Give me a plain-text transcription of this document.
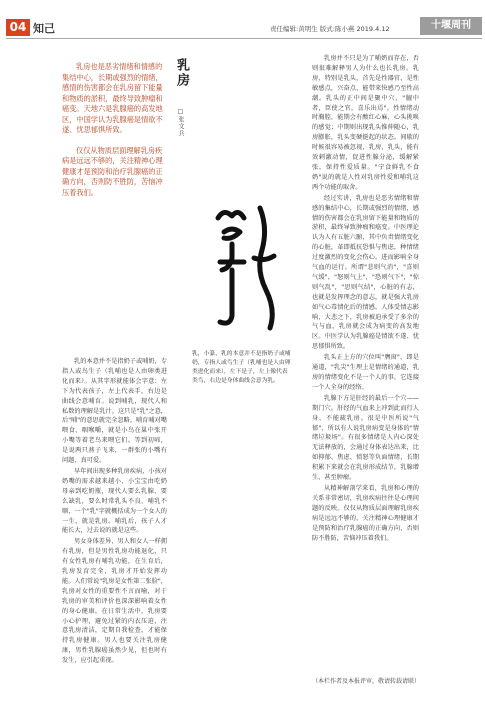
04 知己	责任编辑:黄明生 版式:陈小燕 2019.4.12	十堰周刊

乳房也是恶劣情绪和情感的集结中心，长期或强烈的情绪，感情的伤害都会在乳房留下能量和物质的淤积，最终导致肿瘤和癌变。天地六是乳腺癌的高发地区，中国学认为乳腺癌是情欲不遂、忧思郁惧所致。

仅仅从物质层面理解乳房疾病是远远不够的，关注精神心理健康才是预防和治疗乳腺癌的正确方向，否则防不胜防，苦恼冲压着我们。

乳房
□张文兵
乳，小篆，乳的本意并不是指奶子或哺奶，专指人或鸟生子（乳哺也是人由卵类进化而来），左下是子，左上像代表类鸟，右边是身体曲线会意为乳。

乳的本意并不是指奶子或哺奶，专指人或鸟生子（乳哺也是人由卵类进化而来）。从其字形就能体会字意：左下为代表孩子，左上代表手，右边是曲线会意哺育。说到哺乳，现代人和私数的理解是乳汁。这只是"乳"之意，后"哺"的意思就完全忽略。哺育哺对嘴喂食，咽喉嚼，就是小鸟在巢中张开小嘴等着老鸟来喂它们。等到初啼，是说两只燕子飞来，一群张的小嘴有问题，真可爱。

早年间出现多种乳房疾病，小孩对奶嘴的需求越来越小，小宝宝由吃奶母亲到吃奶瓶，现代人要么乳腺，要么缺乳，要么时常乳头不良、哺乳不顺，一个"乳"字就概括成为一个女人的一生，就是乳房。哺乳后，孩子人才能长大，过去说的就是这些。

男女身体差异，男人和女人一样拥有乳房，但是男性乳房功能退化，只有女性乳房有哺乳功能，在生育后，乳房发育完全，乳房才开始发挥功能。人们常说"乳房是女性第二张脸"，乳房对女性的重要性不言而喻，对于乳房的审美和评价也深深影响着女性的身心健康。在日常生活中，乳房要小心护理，避免过紧的内衣压迫，注意乳房清洁，定期自我检查，才能保持乳房健康。男人也要关注乳房健康，男性乳腺癌虽然少见，但也时有发生，应引起重视。

乳房并不只是为了哺奶而存在，否则很难解释男人为什么也长乳房。乳房，特别是乳头，首先是性器官，是性敏感点，兴奋点，能带来快感乃至性高潮。乳头的正中间是聚中穴，"膻中者，臣使之官，喜乐出焉"。性情绪动时胸腔，能期会有酸红心麻，心头挑唤的感觉；中期则出现乳头惟伸随心，乳房膨胀，乳头变硬挺起的状态。间歇的时候很容易被忽视，乳房、乳头，能有效刺激动情，促进性腺分泌，缓解紧张，保持性爱质量。"宁食鲜乳不食奶"说的就是人性对乳房性爱和哺乳这两个功能的取舍。

经过实讲，乳房也是恶劣情绪和情感的集结中心，长期或强烈的情绪，感情的伤害都会在乳房留下能量和物质的淤积，最终导致肿瘤和癌变。中医理论认为人有五脏六腑，其中负责情绪变化的心脏，革即抵抗恐惧与焦虑，种情绪过度激烈的变化会伤心。进而影响全身气血的运行。所谓"悲则气消"，"喜则气缓"，"怒则气上"，"恐则气下"，"惊则气乱"，"思则气结"，心脏的有志，也就是发挥理念的意志，就是强大乳房如气心毒情化后的情感。人体受情志影响，大悲之下，乳房被迫承受了多余的气与血，乳房就会成为病变的高发地区。中医学认为乳腺癌是情欲不遂、忧思郁惧所致。

乳头正上方的穴位叫"膺窗"，即是通道，"乳尖"生理上是情绪的通道，乳房的情绪变化不是一个人的事，它连接一个人全身的经络。

乳腺下方是肝经的最后一个穴——期门穴。肝经的气血来上冲到此而行人身，不能疏乳房。很是中医所说"气郁"，所以有人说乳房病变是身体的"情绪垃圾场"。有很多情绪是人内心深处无法释放的，会通过身体表达出来，比如抑郁、焦虑、愤怒等负面情绪，长期积累下来就会在乳房形成结节，乳腺增生，甚至肿瘤。

从精神解剖学来看，乳房和心理的关系非常密切，乳房疾病往往是心理问题的反映。仅仅从物质层面理解乳房疾病是远远不够的，关注精神心理健康才是预防和治疗乳腺癌的正确方向，否则防不胜防，苦恼冲压着我们。

（本栏作者及本报评审，敬请转载请联）
